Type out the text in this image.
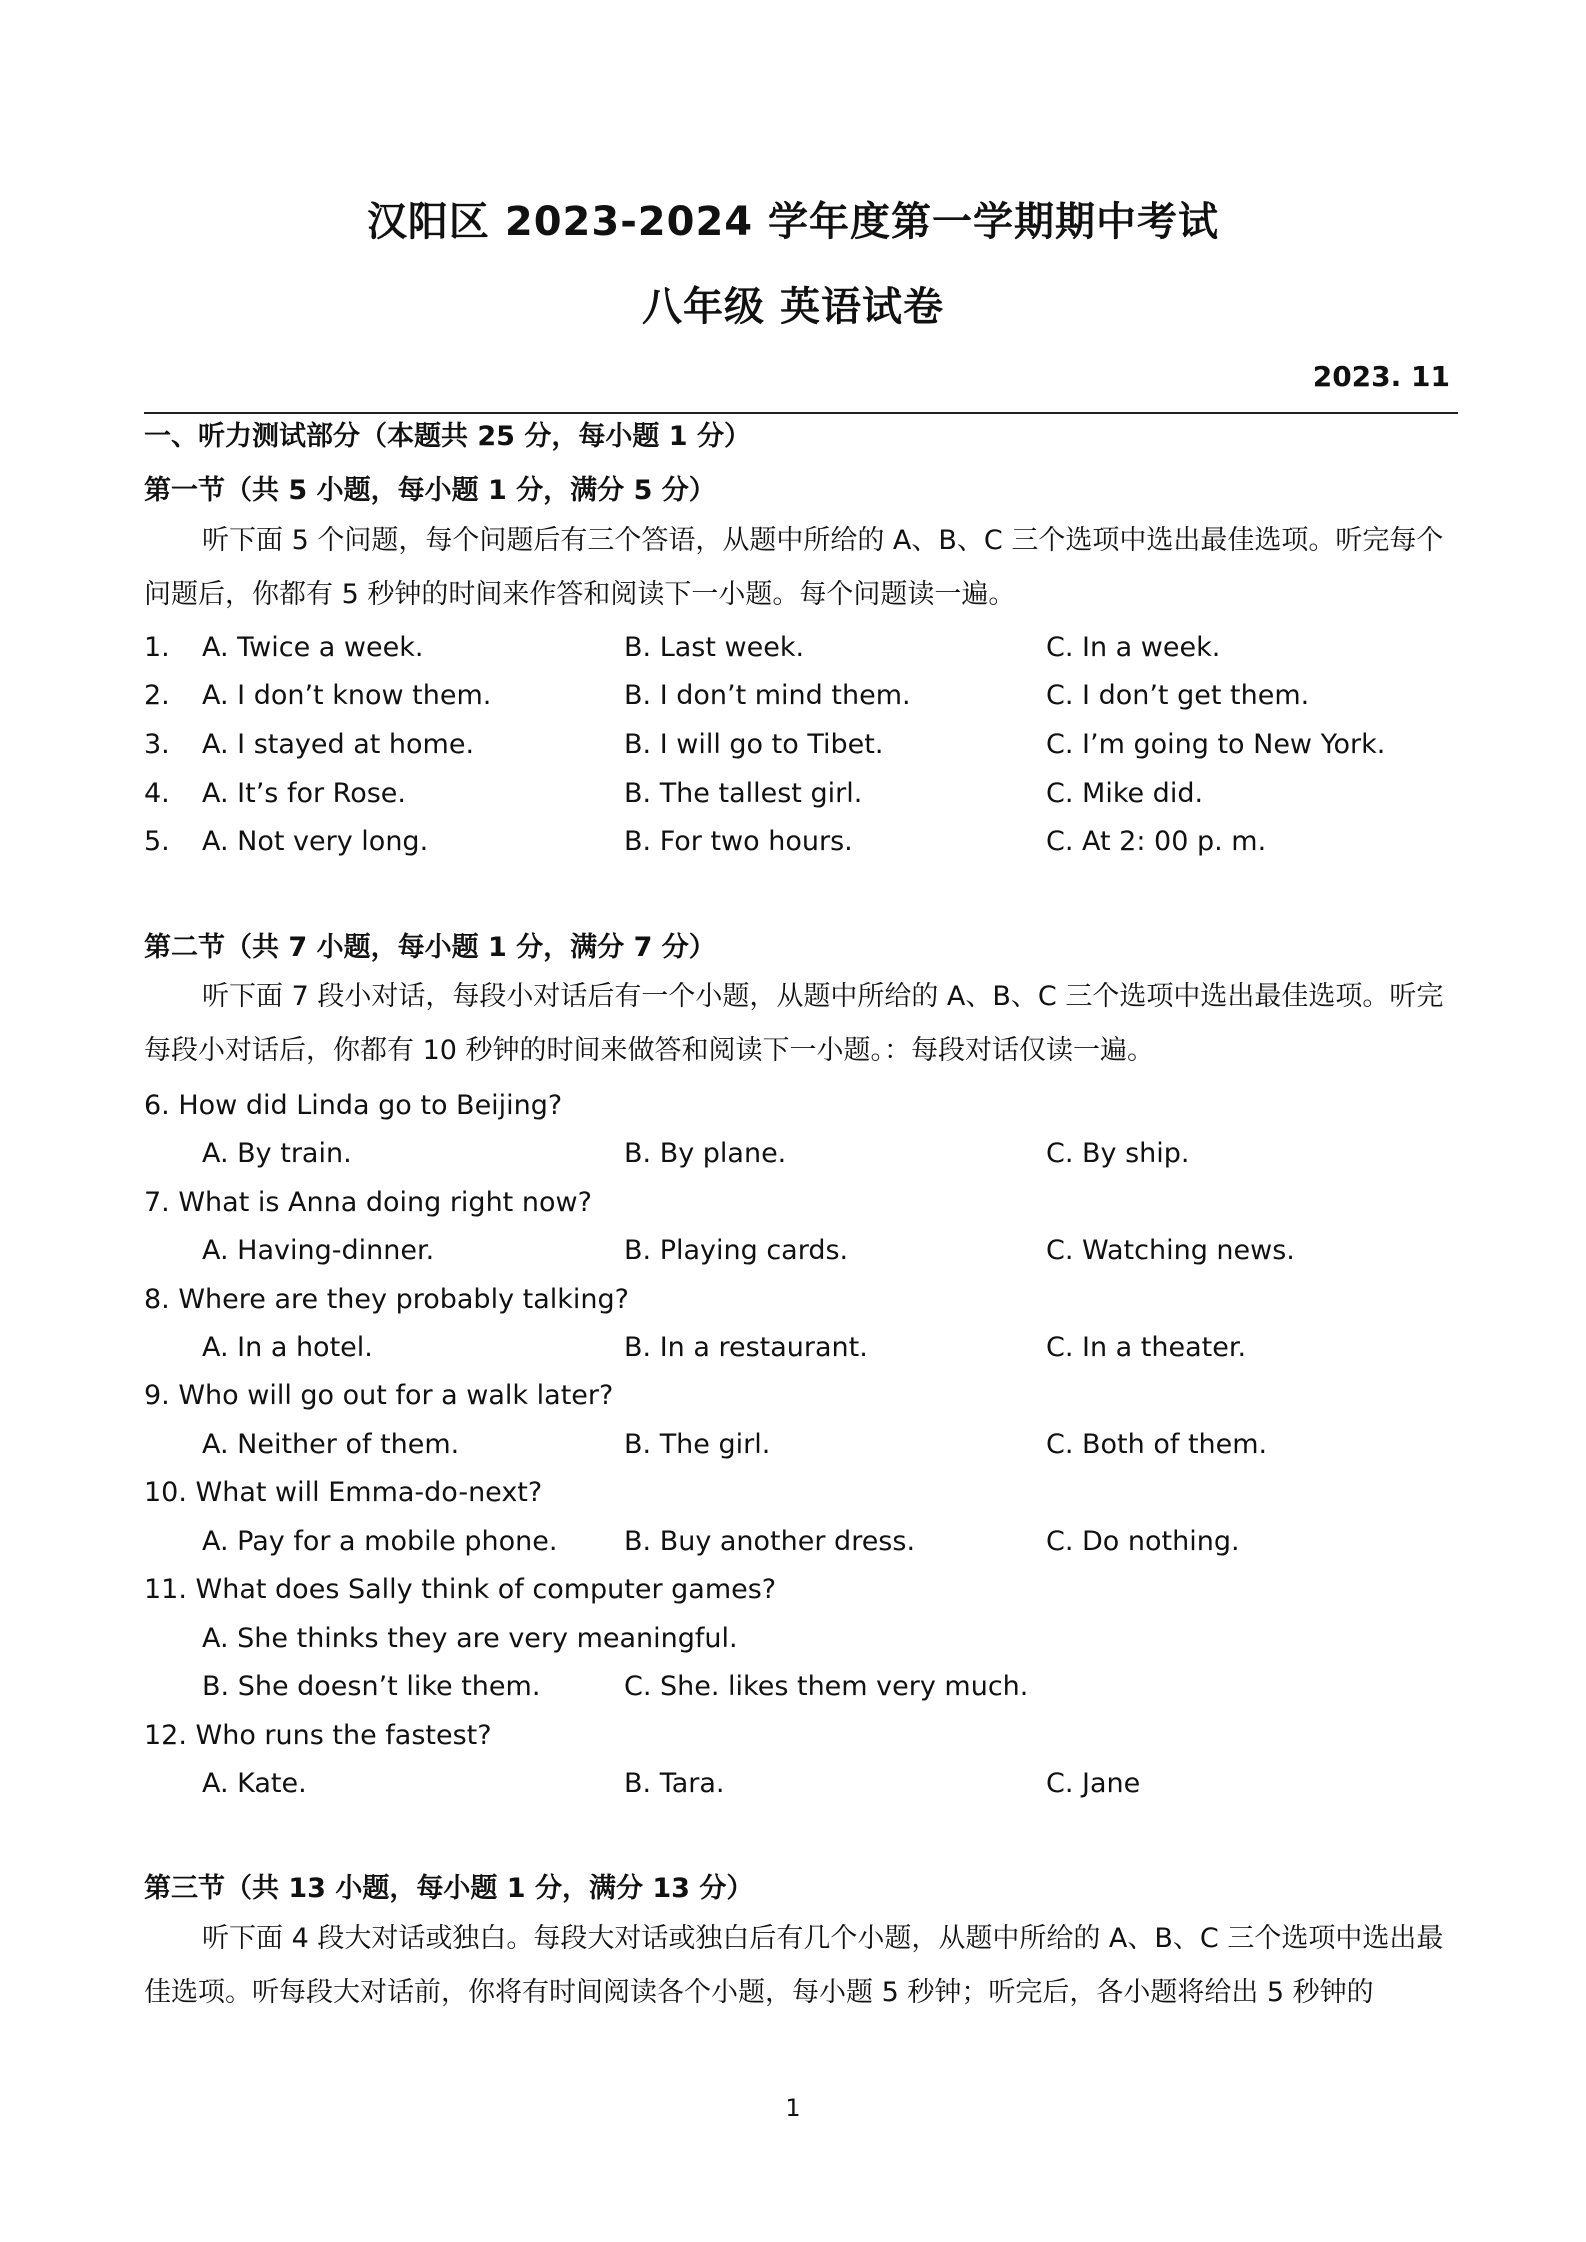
汉阳区 2023-2024 学年度第一学期期中考试
八年级 英语试卷
2023. 11
一、听力测试部分（本题共 25 分，每小题 1 分）
第一节（共 5 小题，每小题 1 分，满分 5 分）
听下面 5 个问题，每个问题后有三个答语，从题中所给的 A、B、C 三个选项中选出最佳选项。听完每个问题后，你都有 5 秒钟的时间来作答和阅读下一小题。每个问题读一遍。
1. A. Twice a week.	B. Last week.	C. In a week.
2. A. I don’t know them.	B. I don’t mind them.	C. I don’t get them.
3. A. I stayed at home.	B. I will go to Tibet.	C. I’m going to New York.
4. A. It’s for Rose.	B. The tallest girl.	C. Mike did.
5. A. Not very long.	B. For two hours.	C. At 2: 00 p. m.
第二节（共 7 小题，每小题 1 分，满分 7 分）
听下面 7 段小对话，每段小对话后有一个小题，从题中所给的 A、B、C 三个选项中选出最佳选项。听完每段小对话后，你都有 10 秒钟的时间来做答和阅读下一小题。：每段对话仅读一遍。
6. How did Linda go to Beijing?
A. By train.	B. By plane.	C. By ship.
7. What is Anna doing right now?
A. Having-dinner.	B. Playing cards.	C. Watching news.
8. Where are they probably talking?
A. In a hotel.	B. In a restaurant.	C. In a theater.
9. Who will go out for a walk later?
A. Neither of them.	B. The girl.	C. Both of them.
10. What will Emma-do-next?
A. Pay for a mobile phone. B. Buy another dress.	C. Do nothing.
11. What does Sally think of computer games?
A. She thinks they are very meaningful.
B. She doesn’t like them.	C. She. likes them very much.
12. Who runs the fastest?
A. Kate.	B. Tara.	C. Jane
第三节（共 13 小题，每小题 1 分，满分 13 分）
听下面 4 段大对话或独白。每段大对话或独白后有几个小题，从题中所给的 A、B、C 三个选项中选出最佳选项。听每段大对话前，你将有时间阅读各个小题，每小题 5 秒钟；听完后，各小题将给出 5 秒钟的
1
